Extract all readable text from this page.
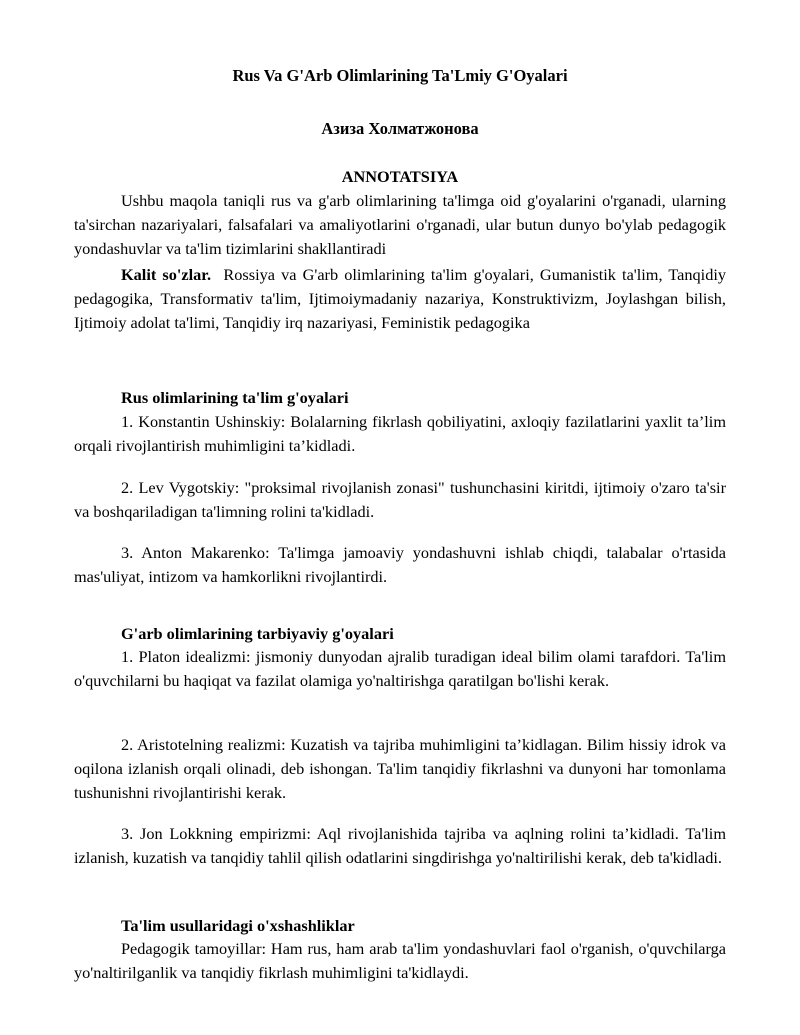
Rus Va G'Arb Olimlarining Ta'Lmiy G'Oyalari
Азиза Холматжонова
ANNOTATSIYA

Ushbu maqola taniqli rus va g'arb olimlarining ta'limga oid g'oyalarini o'rganadi, ularning ta'sirchan nazariyalari, falsafalari va amaliyotlarini o'rganadi, ular butun dunyo bo'ylab pedagogik yondashuvlar va ta'lim tizimlarini shakllantiradi

Kalit so'zlar. Rossiya va G'arb olimlarining ta'lim g'oyalari, Gumanistik ta'lim, Tanqidiy pedagogika, Transformativ ta'lim, Ijtimoiymadaniy nazariya, Konstruktivizm, Joylashgan bilish, Ijtimoiy adolat ta'limi, Tanqidiy irq nazariyasi, Feministik pedagogika

Rus olimlarining ta'lim g'oyalari

1. Konstantin Ushinskiy: Bolalarning fikrlash qobiliyatini, axloqiy fazilatlarini yaxlit ta’lim orqali rivojlantirish muhimligini ta’kidladi.

2. Lev Vygotskiy: "proksimal rivojlanish zonasi" tushunchasini kiritdi, ijtimoiy o'zaro ta'sir va boshqariladigan ta'limning rolini ta'kidladi.

3. Anton Makarenko: Ta'limga jamoaviy yondashuvni ishlab chiqdi, talabalar o'rtasida mas'uliyat, intizom va hamkorlikni rivojlantirdi.

G'arb olimlarining tarbiyaviy g'oyalari

1. Platon idealizmi: jismoniy dunyodan ajralib turadigan ideal bilim olami tarafdori. Ta'lim o'quvchilarni bu haqiqat va fazilat olamiga yo'naltirishga qaratilgan bo'lishi kerak.

2. Aristotelning realizmi: Kuzatish va tajriba muhimligini ta’kidlagan. Bilim hissiy idrok va oqilona izlanish orqali olinadi, deb ishongan. Ta'lim tanqidiy fikrlashni va dunyoni har tomonlama tushunishni rivojlantirishi kerak.

3. Jon Lokkning empirizmi: Aql rivojlanishida tajriba va aqlning rolini ta’kidladi. Ta'lim izlanish, kuzatish va tanqidiy tahlil qilish odatlarini singdirishga yo'naltirilishi kerak, deb ta'kidladi.

Ta'lim usullaridagi o'xshashliklar

Pedagogik tamoyillar: Ham rus, ham arab ta'lim yondashuvlari faol o'rganish, o'quvchilarga yo'naltirilganlik va tanqidiy fikrlash muhimligini ta'kidlaydi.
